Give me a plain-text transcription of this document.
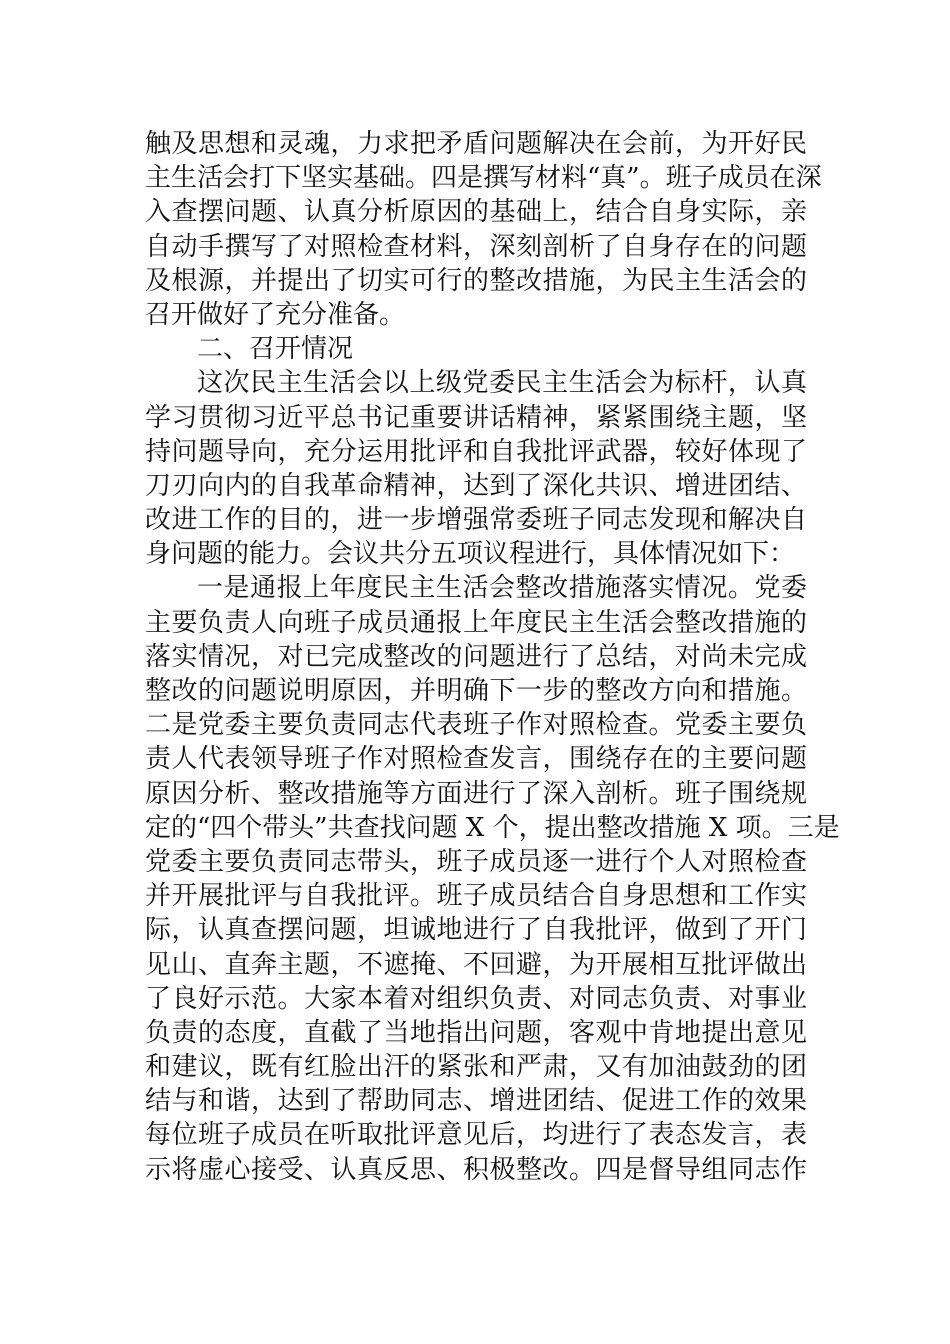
触及思想和灵魂，力求把矛盾问题解决在会前，为开好民
主生活会打下坚实基础。四是撰写材料“真”。班子成员在深
入查摆问题、认真分析原因的基础上，结合自身实际，亲
自动手撰写了对照检查材料，深刻剖析了自身存在的问题
及根源，并提出了切实可行的整改措施，为民主生活会的
召开做好了充分准备。
二、召开情况
这次民主生活会以上级党委民主生活会为标杆，认真
学习贯彻习近平总书记重要讲话精神，紧紧围绕主题，坚
持问题导向，充分运用批评和自我批评武器，较好体现了
刀刃向内的自我革命精神，达到了深化共识、增进团结、
改进工作的目的，进一步增强常委班子同志发现和解决自
身问题的能力。会议共分五项议程进行，具体情况如下：
一是通报上年度民主生活会整改措施落实情况。党委
主要负责人向班子成员通报上年度民主生活会整改措施的
落实情况，对已完成整改的问题进行了总结，对尚未完成
整改的问题说明原因，并明确下一步的整改方向和措施。
二是党委主要负责同志代表班子作对照检查。党委主要负
责人代表领导班子作对照检查发言，围绕存在的主要问题
原因分析、整改措施等方面进行了深入剖析。班子围绕规
定的“四个带头”共查找问题 X 个，提出整改措施 X 项。三是
党委主要负责同志带头，班子成员逐一进行个人对照检查
并开展批评与自我批评。班子成员结合自身思想和工作实
际，认真查摆问题，坦诚地进行了自我批评，做到了开门
见山、直奔主题，不遮掩、不回避，为开展相互批评做出
了良好示范。大家本着对组织负责、对同志负责、对事业
负责的态度，直截了当地指出问题，客观中肯地提出意见
和建议，既有红脸出汗的紧张和严肃，又有加油鼓劲的团
结与和谐，达到了帮助同志、增进团结、促进工作的效果
每位班子成员在听取批评意见后，均进行了表态发言，表
示将虚心接受、认真反思、积极整改。四是督导组同志作
